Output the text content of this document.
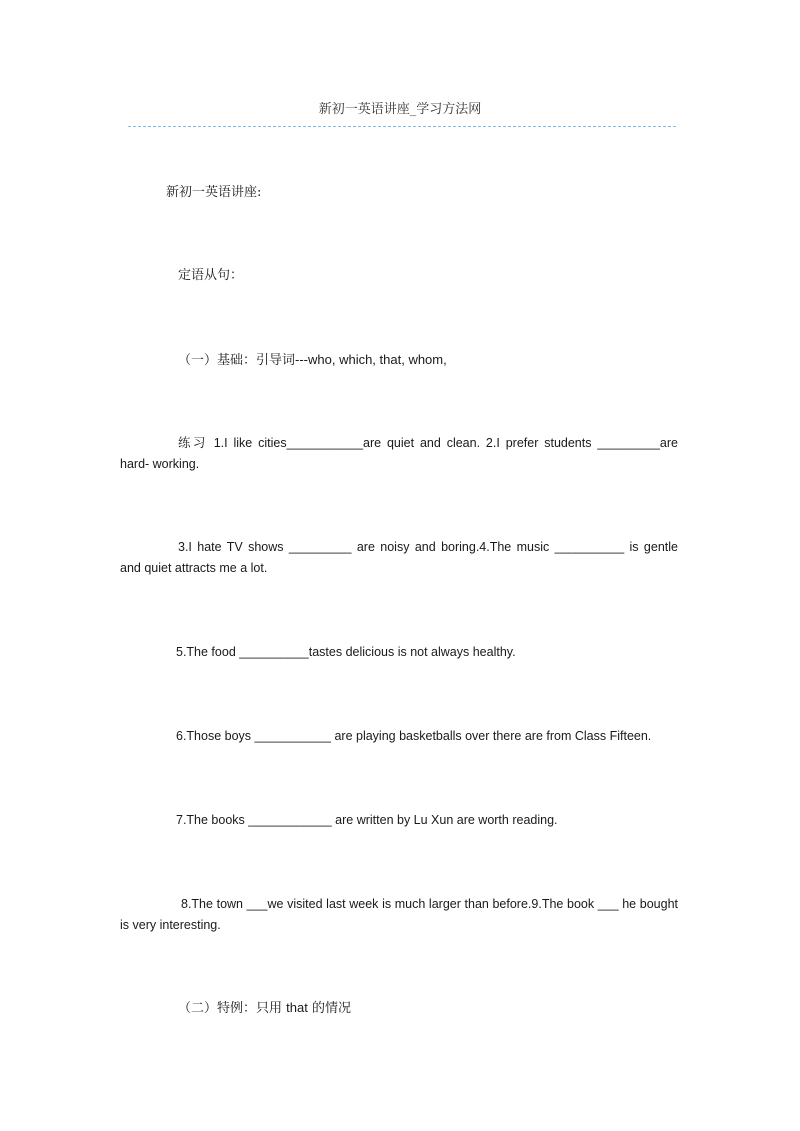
新初一英语讲座_学习方法网
新初一英语讲座:
定语从句：
（一）基础：引导词---who, which, that, whom,
练习 1.I like cities___________are quiet and clean. 2.I prefer students _________are hard- working.
3.I hate TV shows _________ are noisy and boring.4.The music __________ is gentle and quiet attracts me a lot.
5.The food __________tastes delicious is not always healthy.
6.Those boys ___________ are playing basketballs over there are from Class Fifteen.
7.The books ____________ are written by Lu Xun are worth reading.
8.The town ___we visited last week is much larger than before.9.The book ___ he bought is very interesting.
（二）特例：只用 that 的情况
